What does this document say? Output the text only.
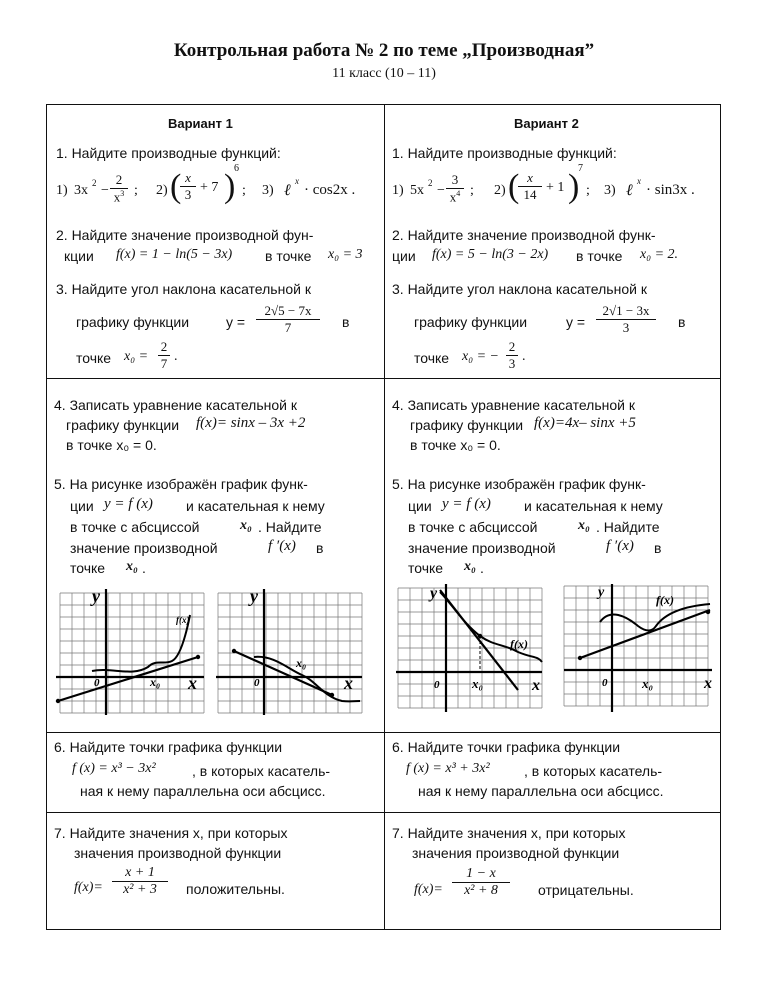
Контрольная работа № 2 по теме „Производная”
11 класс (10 – 11)
Вариант 1
1. Найдите производные функций:
1) 3x $2 - \frac{2}{x^3}$ ; 2) (
$\frac{x}{3} + 7$ )
6
; 3) ℓ
x
· cos2x .
2. Найдите значение производной фун-
кции f(x) = 1 − ln(5 − 3x) в точке x₀ = 3
3. Найдите угол наклона касательной к
графику функции	$y = \frac{2√5 - 7x}{7}$ в
точке $x_0 = \frac{2}{7}$ .
4. Записать уравнение касательной к
графику функции f(x)= sinx – 3x +2
в точке x₀ = 0.
5. На рисунке изображён график функ-
ции y = f (x) и касательная к нему
в точке с абсциссой	x₀ . Найдите
значение производной	f ′(x) в
точке x₀ .
y
x
0	x₀
f(x)
y
x
0
x₀
6. Найдите точки графика функции
f (x) = x³ − 3x²	, в которых касатель-
ная к нему параллельна оси абсцисс.
7. Найдите значения x, при которых
значения производной функции
$f(x)= \frac{x + 1}{\text{x² + 3}}$ положительны.
Вариант 2
1. Найдите производные функций:
1) 5x $2 - \frac{3}{x^4}$ ; 2) (
$\frac{x}{14} + 1$ )
7
; 3) ℓ
x
· sin3x .
2. Найдите значение производной функ-
ции f(x) = 5 − ln(3 − 2x) в точке x₀ = 2.
3. Найдите угол наклона касательной к
графику функции	$y = \frac{2√1 - 3x}{3}$ в
точке x₀ = − $\frac{2}{3}$ .
4. Записать уравнение касательной к
графику функции f(x)=4x– sinx +5
в точке x₀ = 0.
5. На рисунке изображён график функ-
ции y = f (x) и касательная к нему
в точке с абсциссой	x₀ . Найдите
значение производной	f ′(x) в
точке x₀ .
y
x
0	x₀
f(x)
y
x
0	x₀
f(x)
6. Найдите точки графика функции
f (x) = x³ + 3x² , в которых касатель-
ная к нему параллельна оси абсцисс.
7. Найдите значения x, при которых
значения производной функции
$f(x)= \frac{1 - x}{\text{x² + 8}}$ отрицательны.
